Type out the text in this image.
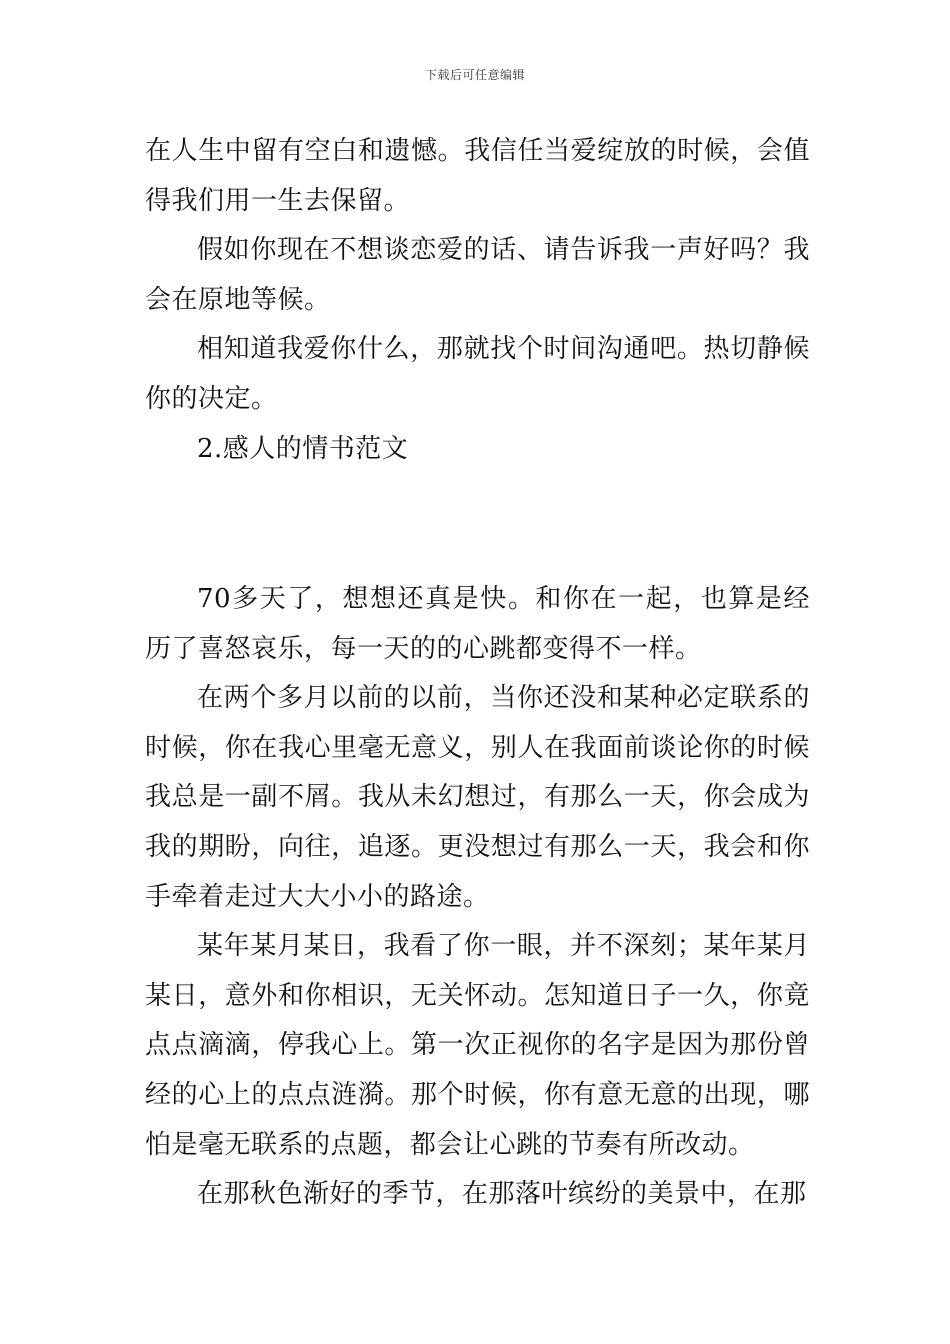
下载后可任意编辑

在人生中留有空白和遗憾。我信任当爱绽放的时候，会值得我们用一生去保留。

假如你现在不想谈恋爱的话、请告诉我一声好吗？我会在原地等候。

相知道我爱你什么，那就找个时间沟通吧。热切静候你的决定。

2.感人的情书范文

70多天了，想想还真是快。和你在一起，也算是经历了喜怒哀乐，每一天的的心跳都变得不一样。

在两个多月以前的以前，当你还没和某种必定联系的时候，你在我心里毫无意义，别人在我面前谈论你的时候我总是一副不屑。我从未幻想过，有那么一天，你会成为我的期盼，向往，追逐。更没想过有那么一天，我会和你手牵着走过大大小小的路途。

某年某月某日，我看了你一眼，并不深刻；某年某月某日，意外和你相识，无关怀动。怎知道日子一久，你竟点点滴滴，停我心上。第一次正视你的名字是因为那份曾经的心上的点点涟漪。那个时候，你有意无意的出现，哪怕是毫无联系的点题，都会让心跳的节奏有所改动。

在那秋色渐好的季节，在那落叶缤纷的美景中，在那
